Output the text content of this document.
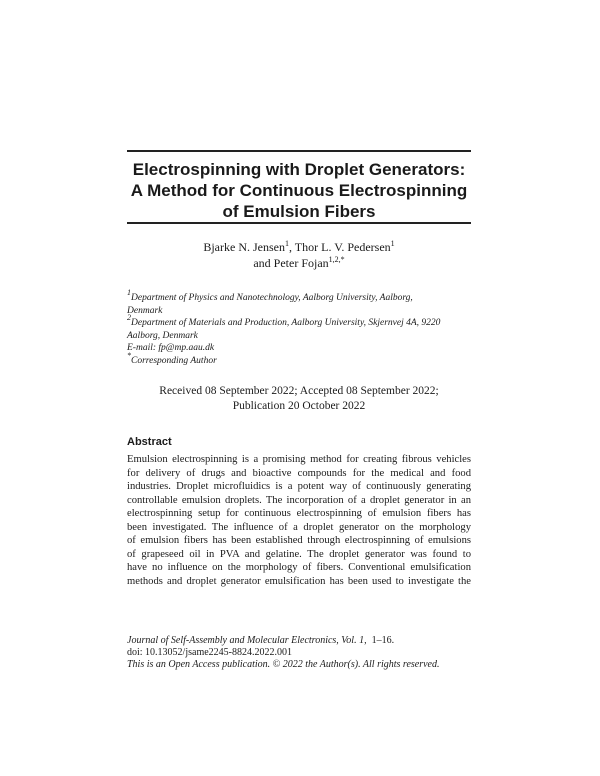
Electrospinning with Droplet Generators:
A Method for Continuous Electrospinning
of Emulsion Fibers
Bjarke N. Jensen$^1$, Thor L. V. Pedersen$^1$
and Peter Fojan$^{1,2,*}$
$^1$Department of Physics and Nanotechnology, Aalborg University, Aalborg,
Denmark
$^2$Department of Materials and Production, Aalborg University, Skjernvej 4A, 9220
Aalborg, Denmark
E-mail: fp@mp.aau.dk
*Corresponding Author
Received 08 September 2022; Accepted 08 September 2022;
Publication 20 October 2022
Abstract
Emulsion electrospinning is a promising method for creating fibrous vehicles
for delivery of drugs and bioactive compounds for the medical and food
industries. Droplet microfluidics is a potent way of continuously generating
controllable emulsion droplets. The incorporation of a droplet generator in an
electrospinning setup for continuous electrospinning of emulsion fibers has
been investigated. The influence of a droplet generator on the morphology
of emulsion fibers has been established through electrospinning of emulsions
of grapeseed oil in PVA and gelatine. The droplet generator was found to
have no influence on the morphology of fibers. Conventional emulsification
methods and droplet generator emulsification has been used to investigate the
Journal of Self-Assembly and Molecular Electronics, Vol. 1, 1–16.
doi: 10.13052/jsame2245-8824.2022.001
This is an Open Access publication. © 2022 the Author(s). All rights reserved.
